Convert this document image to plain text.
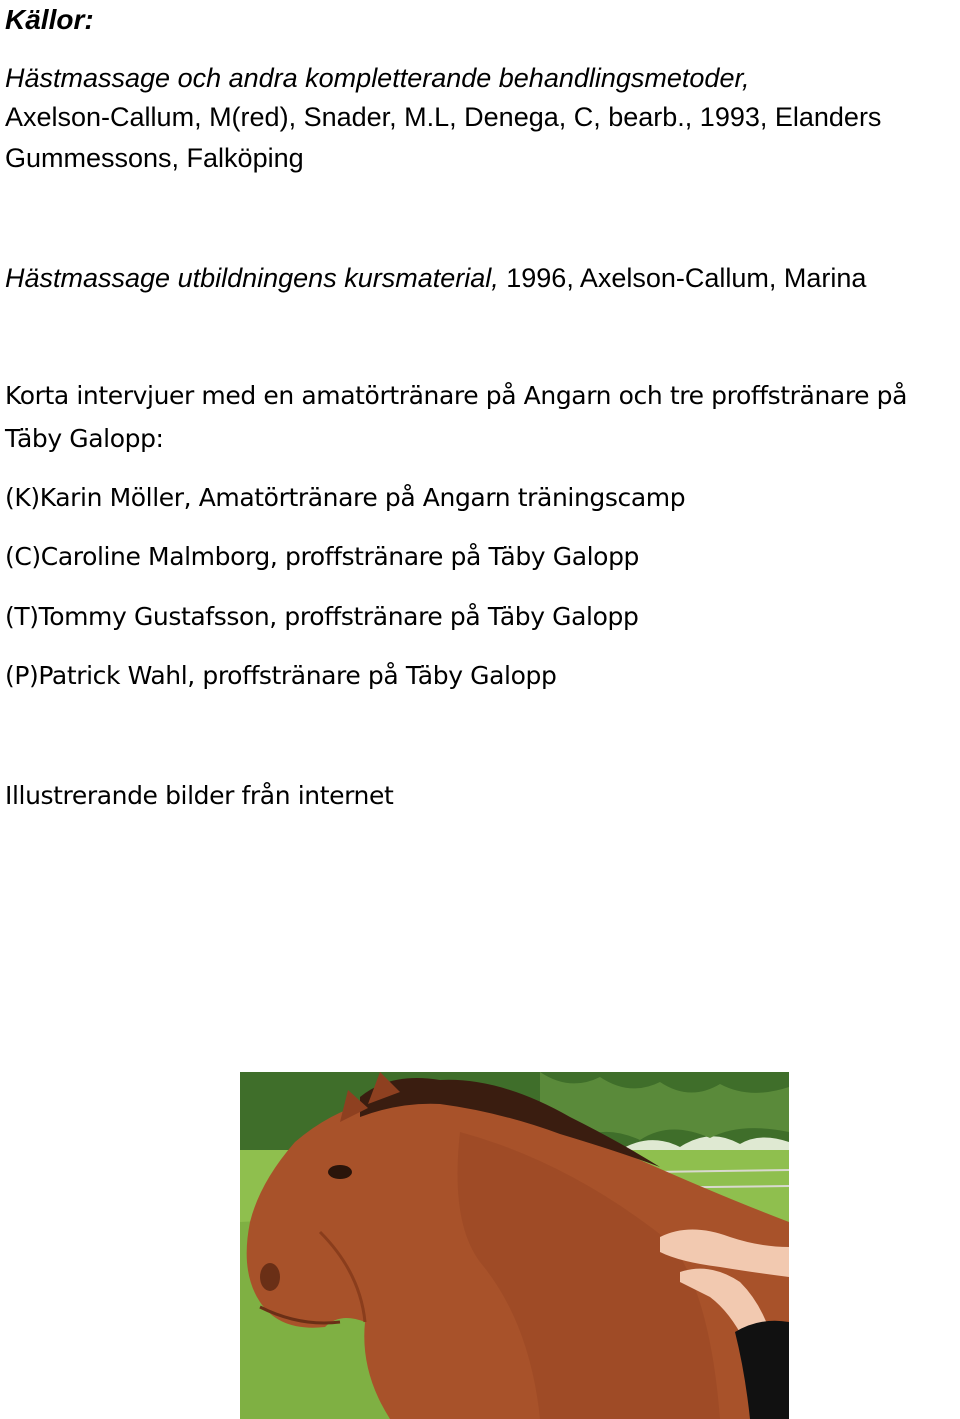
Källor:
Hästmassage och andra kompletterande behandlingsmetoder,
Axelson-Callum, M(red), Snader, M.L, Denega, C, bearb., 1993, Elanders
Gummessons, Falköping
Hästmassage utbildningens kursmaterial, 1996, Axelson-Callum, Marina
Korta intervjuer med en amatörtränare på Angarn och tre proffstränare på
Täby Galopp:
(K)Karin Möller, Amatörtränare på Angarn träningscamp
(C)Caroline Malmborg, proffstränare på Täby Galopp
(T)Tommy Gustafsson, proffstränare på Täby Galopp
(P)Patrick Wahl, proffstränare på Täby Galopp
Illustrerande bilder från internet
